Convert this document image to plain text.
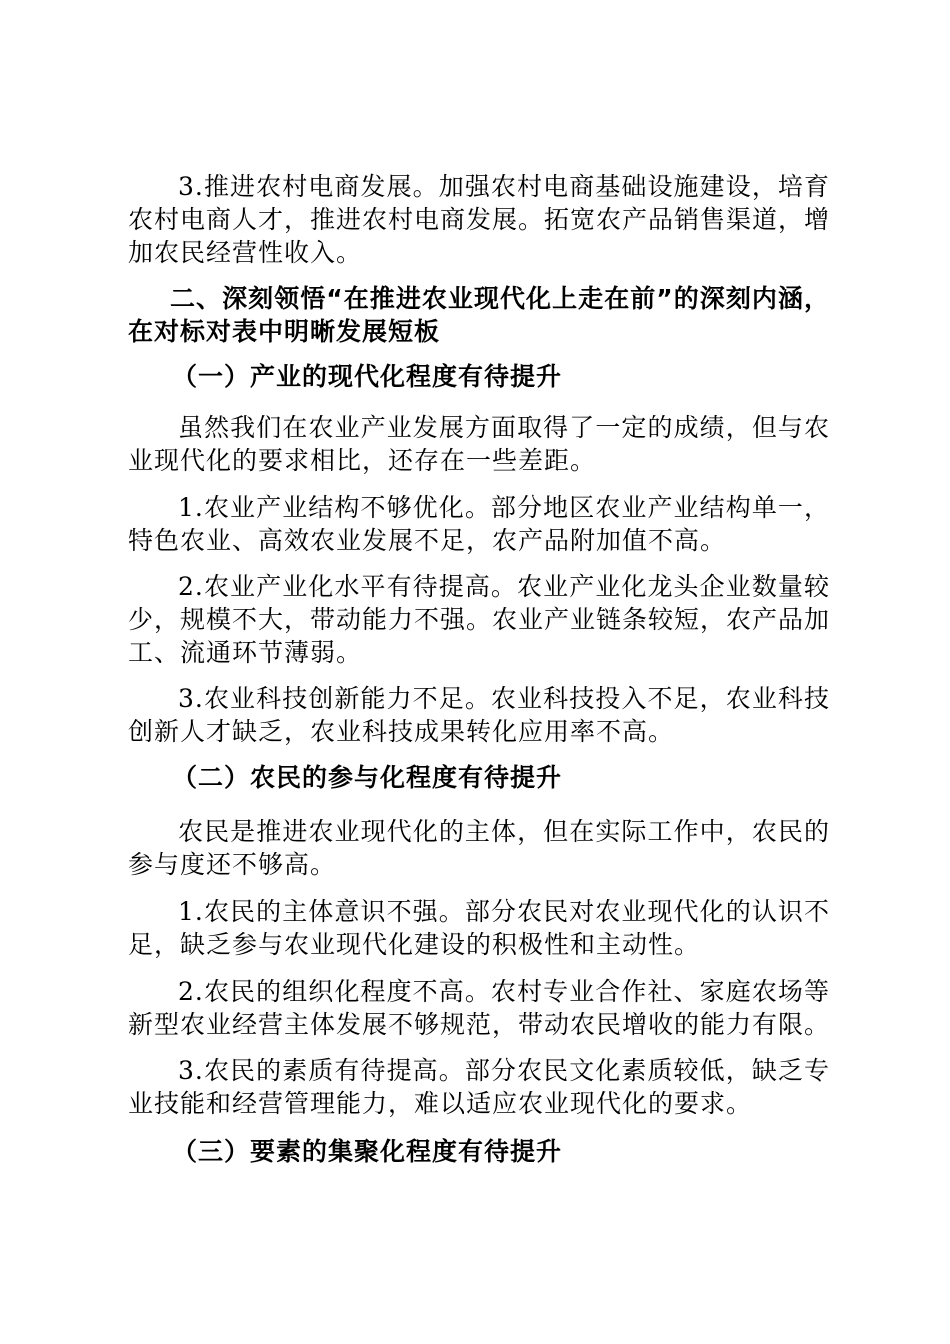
3.推进农村电商发展。加强农村电商基础设施建设，培育农村电商人才，推进农村电商发展。拓宽农产品销售渠道，增加农民经营性收入。

二、深刻领悟“在推进农业现代化上走在前”的深刻内涵，在对标对表中明晰发展短板

（一）产业的现代化程度有待提升

虽然我们在农业产业发展方面取得了一定的成绩，但与农业现代化的要求相比，还存在一些差距。

1.农业产业结构不够优化。部分地区农业产业结构单一，特色农业、高效农业发展不足，农产品附加值不高。

2.农业产业化水平有待提高。农业产业化龙头企业数量较少，规模不大，带动能力不强。农业产业链条较短，农产品加工、流通环节薄弱。

3.农业科技创新能力不足。农业科技投入不足，农业科技创新人才缺乏，农业科技成果转化应用率不高。

（二）农民的参与化程度有待提升

农民是推进农业现代化的主体，但在实际工作中，农民的参与度还不够高。

1.农民的主体意识不强。部分农民对农业现代化的认识不足，缺乏参与农业现代化建设的积极性和主动性。

2.农民的组织化程度不高。农村专业合作社、家庭农场等新型农业经营主体发展不够规范，带动农民增收的能力有限。

3.农民的素质有待提高。部分农民文化素质较低，缺乏专业技能和经营管理能力，难以适应农业现代化的要求。

（三）要素的集聚化程度有待提升
